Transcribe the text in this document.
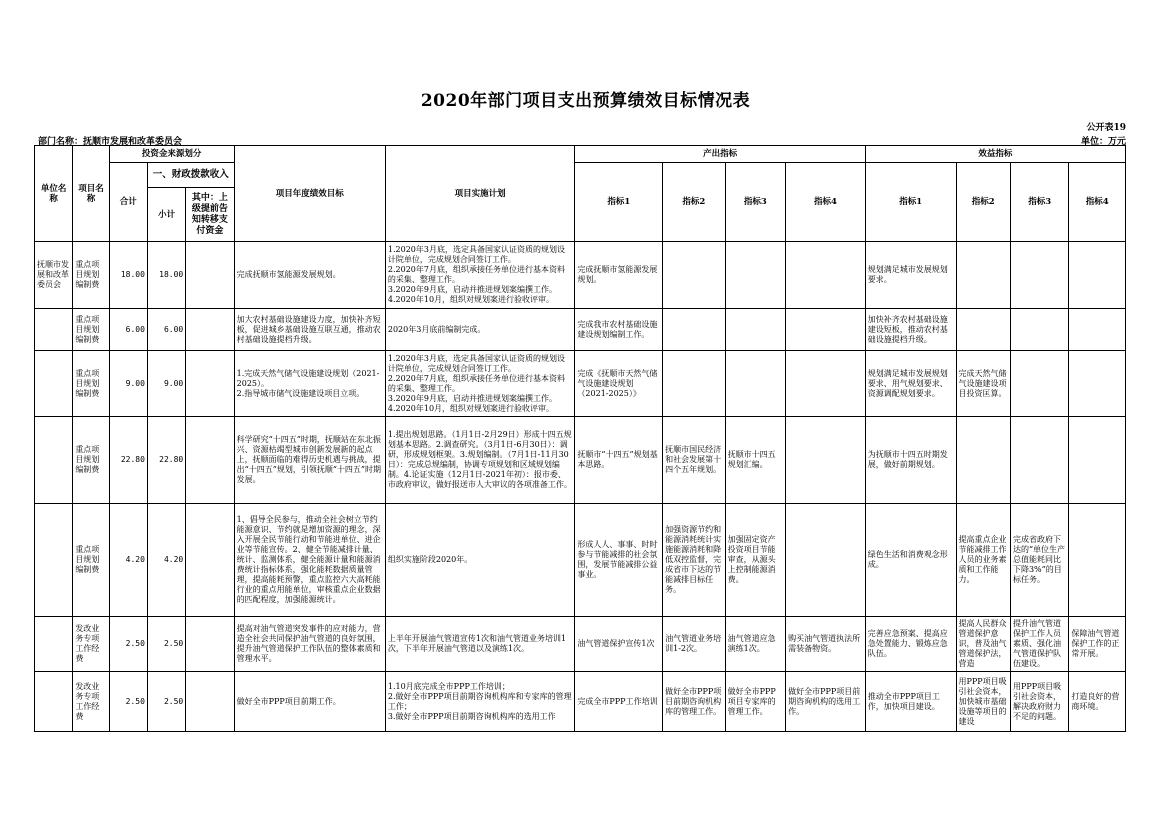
2020年部门项目支出预算绩效目标情况表
公开表19
部门名称：抚顺市发展和改革委员会	单位：万元
单位名称	项目名称	投资金来源划分			项目年度绩效目标	项目实施计划	产出指标				效益指标			
		合计	一、财政拨款收入				指标1	指标2	指标3	指标4	指标1	指标2	指标3	指标4
			小计	其中：上级提前告知转移支付资金										

抚顺市发展和改革委员会	重点项目规划编制费	18.00	18.00		完成抚顺市氢能源发展规划。	1.2020年3月底，选定具备国家认证资质的规划设计院单位，完成规划合同签订工作。
2.2020年7月底，组织承接任务单位进行基本资料的采集、整理工作。
3.2020年9月底，启动并推进规划案编撰工作。
4.2020年10月，组织对规划案进行验收评审。	完成抚顺市氢能源发展规划。				规划满足城市发展规划要求。			

	重点项目规划编制费	6.00	6.00		加大农村基础设施建设力度，加快补齐短板，促进城乡基础设施互联互通，推动农村基础设施提档升级。	2020年3月底前编制完成。	完成我市农村基础设施建设规划编制工作。				加快补齐农村基础设施建设短板，推动农村基础设施提档升级。			

	重点项目规划编制费	9.00	9.00		1.完成天然气储气设施建设规划（2021-2025）。
2.指导城市储气设施建设项目立项。	1.2020年3月底，选定具备国家认证资质的规划设计院单位，完成规划合同签订工作。
2.2020年7月底，组织承接任务单位进行基本资料的采集、整理工作。
3.2020年9月底，启动并推进规划案编撰工作。
4.2020年10月，组织对规划案进行验收评审。	完成《抚顺市天然气储气设施建设规划（2021-2025）》				规划满足城市发展规划要求、用气规划要求、资源调配规划要求。	完成天然气储气设施建设项目投资匡算。		

	重点项目规划编制费	22.80	22.80		科学研究“十四五”时期，抚顺站在东北振兴、资源枯竭型城市创新发展新的起点上，抚顺面临的难得历史机遇与挑战，提出“十四五”规划，引领抚顺“十四五”时期发展。	1.提出规划思路。（1月1日-2月29日）形成十四五规划基本思路。2.调查研究。（3月1日-6月30日）：调研，形成规划框架。3.规划编制。（7月1日-11月30日）：完成总规编制，协调专项规划和区域规划编制。4.论证实施（12月1日-2021年初）：报市委、市政府审议，做好报送市人大审议的各项准备工作。	抚顺市“十四五”规划基本思路。	抚顺市国民经济和社会发展第十四个五年规划。	抚顺市十四五规划汇编。		为抚顺市十四五时期发展，做好前期规划。			

	重点项目规划编制费	4.20	4.20		1、倡导全民参与，推动全社会树立节约能源意识、节约就是增加资源的理念，深入开展全民节能行动和节能进单位、进企业等节能宣传。2、健全节能减排计量、统计、监测体系，健全能源计量和能源消费统计指标体系，强化能耗数据质量管理，提高能耗预警，重点监控六大高耗能行业的重点用能单位，审核重点企业数据的匹配程度，加强能源统计。	组织实施阶段2020年。	形成人人、事事、时时参与节能减排的社会氛围，发展节能减排公益事业。	加强资源节约和能源消耗统计实施能源消耗和降低双控监督，完成省市下达的节能减排目标任务。	加强固定资产投资项目节能审查，从源头上控制能源消费。		绿色生活和消费观念形成。	提高重点企业节能减排工作人员的业务素质和工作能力。	完成省政府下达的“单位生产总值能耗同比下降3%”的目标任务。	

	发改业务专项工作经费	2.50	2.50		提高对油气管道突发事件的应对能力，营造全社会共同保护油气管道的良好氛围，提升油气管道保护工作队伍的整体素质和管理水平。	上半年开展油气管道宣传1次和油气管道业务培训1次，下半年开展油气管道以及演练1次。	油气管道保护宣传1次	油气管道业务培训1-2次。	油气管道应急演练1次。	购买油气管道执法所需装备物资。	完善应急预案、提高应急处置能力、锻炼应急队伍。	提高人民群众管道保护意识，普及油气管道保护法，营造	提升油气管道保护工作人员素质、强化油气管道保护队伍建设。	保障油气管道保护工作的正常开展。

	发改业务专项工作经费	2.50	2.50		做好全市PPP项目前期工作。	1.10月底完成全市PPP工作培训；
2.做好全市PPP项目前期咨询机构库和专家库的管理工作；
3.做好全市PPP项目前期咨询机构库的选用工作	完成全市PPP工作培训	做好全市PPP项目前期咨询机构库的管理工作。	做好全市PPP项目专家库的管理工作。	做好全市PPP项目前期咨询机构的选用工作。	推动全市PPP项目工作，加快项目建设。	用PPP项目吸引社会资本，加快城市基础设施等项目的建设	用PPP项目吸引社会资本，解决政府财力不足的问题。	打造良好的营商环境。
